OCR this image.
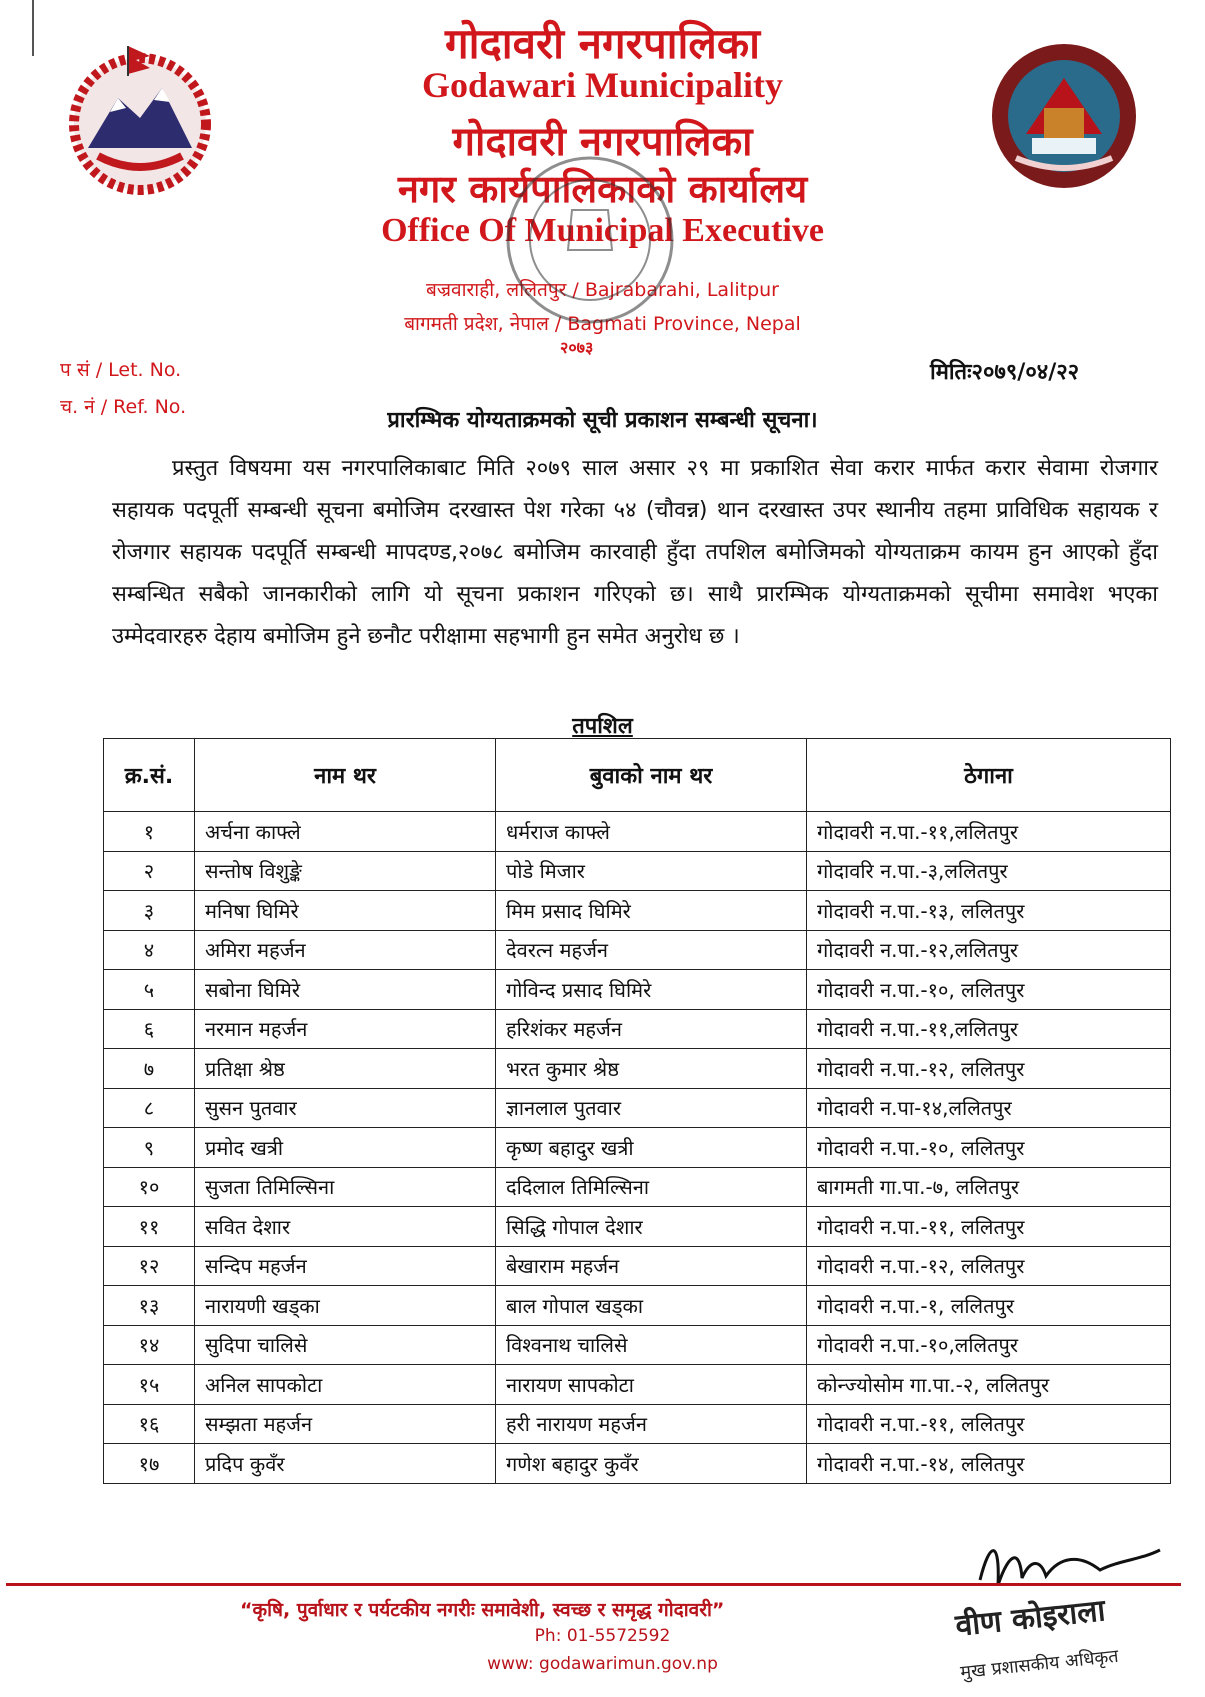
गोदावरी नगरपालिका
Godawari Municipality
गोदावरी नगरपालिका
नगर कार्यपालिकाको कार्यालय
Office Of Municipal Executive
बज्रवाराही, ललितपुर / Bajrabarahi, Lalitpur
बागमती प्रदेश, नेपाल / Bagmati Province, Nepal
२०७३
प सं / Let. No.
च. नं / Ref. No.
मितिः२०७९/०४/२२
प्रारम्भिक योग्यताक्रमको सूची प्रकाशन सम्बन्धी सूचना।
प्रस्तुत विषयमा यस नगरपालिकाबाट मिति २०७९ साल असार २९ मा प्रकाशित सेवा करार मार्फत करार सेवामा रोजगार सहायक पदपूर्ती सम्बन्धी सूचना बमोजिम दरखास्त पेश गरेका ५४ (चौवन्न) थान दरखास्त उपर स्थानीय तहमा प्राविधिक सहायक र रोजगार सहायक पदपूर्ति सम्बन्धी मापदण्ड,२०७८ बमोजिम कारवाही हुँदा तपशिल बमोजिमको योग्यताक्रम कायम हुन आएको हुँदा सम्बन्धित सबैको जानकारीको लागि यो सूचना प्रकाशन गरिएको छ। साथै प्रारम्भिक योग्यताक्रमको सूचीमा समावेश भएका उम्मेदवारहरु देहाय बमोजिम हुने छनौट परीक्षामा सहभागी हुन समेत अनुरोध छ ।
तपशिल
क्र.सं.	नाम थर	बुवाको नाम थर	ठेगाना
१	अर्चना काफ्ले	धर्मराज काफ्ले	गोदावरी न.पा.-११,ललितपुर
२	सन्तोष विशुङ्के	पोडे मिजार	गोदावरि न.पा.-३,ललितपुर
३	मनिषा घिमिरे	मिम प्रसाद घिमिरे	गोदावरी न.पा.-१३, ललितपुर
४	अमिरा महर्जन	देवरत्न महर्जन	गोदावरी न.पा.-१२,ललितपुर
५	सबोना घिमिरे	गोविन्द प्रसाद घिमिरे	गोदावरी न.पा.-१०, ललितपुर
६	नरमान महर्जन	हरिशंकर महर्जन	गोदावरी न.पा.-११,ललितपुर
७	प्रतिक्षा श्रेष्ठ	भरत कुमार श्रेष्ठ	गोदावरी न.पा.-१२, ललितपुर
८	सुसन पुतवार	ज्ञानलाल पुतवार	गोदावरी न.पा-१४,ललितपुर
९	प्रमोद खत्री	कृष्ण बहादुर खत्री	गोदावरी न.पा.-१०, ललितपुर
१०	सुजता तिमिल्सिना	ददिलाल तिमिल्सिना	बागमती गा.पा.-७, ललितपुर
११	सवित देशार	सिद्धि गोपाल देशार	गोदावरी न.पा.-११, ललितपुर
१२	सन्दिप महर्जन	बेखाराम महर्जन	गोदावरी न.पा.-१२, ललितपुर
१३	नारायणी खड्का	बाल गोपाल खड्का	गोदावरी न.पा.-१, ललितपुर
१४	सुदिपा चालिसे	विश्वनाथ चालिसे	गोदावरी न.पा.-१०,ललितपुर
१५	अनिल सापकोटा	नारायण सापकोटा	कोन्ज्योसोम गा.पा.-२, ललितपुर
१६	सम्झता महर्जन	हरी नारायण महर्जन	गोदावरी न.पा.-११, ललितपुर
१७	प्रदिप कुवँर	गणेश बहादुर कुवँर	गोदावरी न.पा.-१४, ललितपुर
वीण कोइराला
मुख प्रशासकीय अधिकृत
“कृषि, पुर्वाधार र पर्यटकीय नगरीः समावेशी, स्वच्छ र समृद्ध गोदावरी”
Ph: 01-5572592
www: godawarimun.gov.np
